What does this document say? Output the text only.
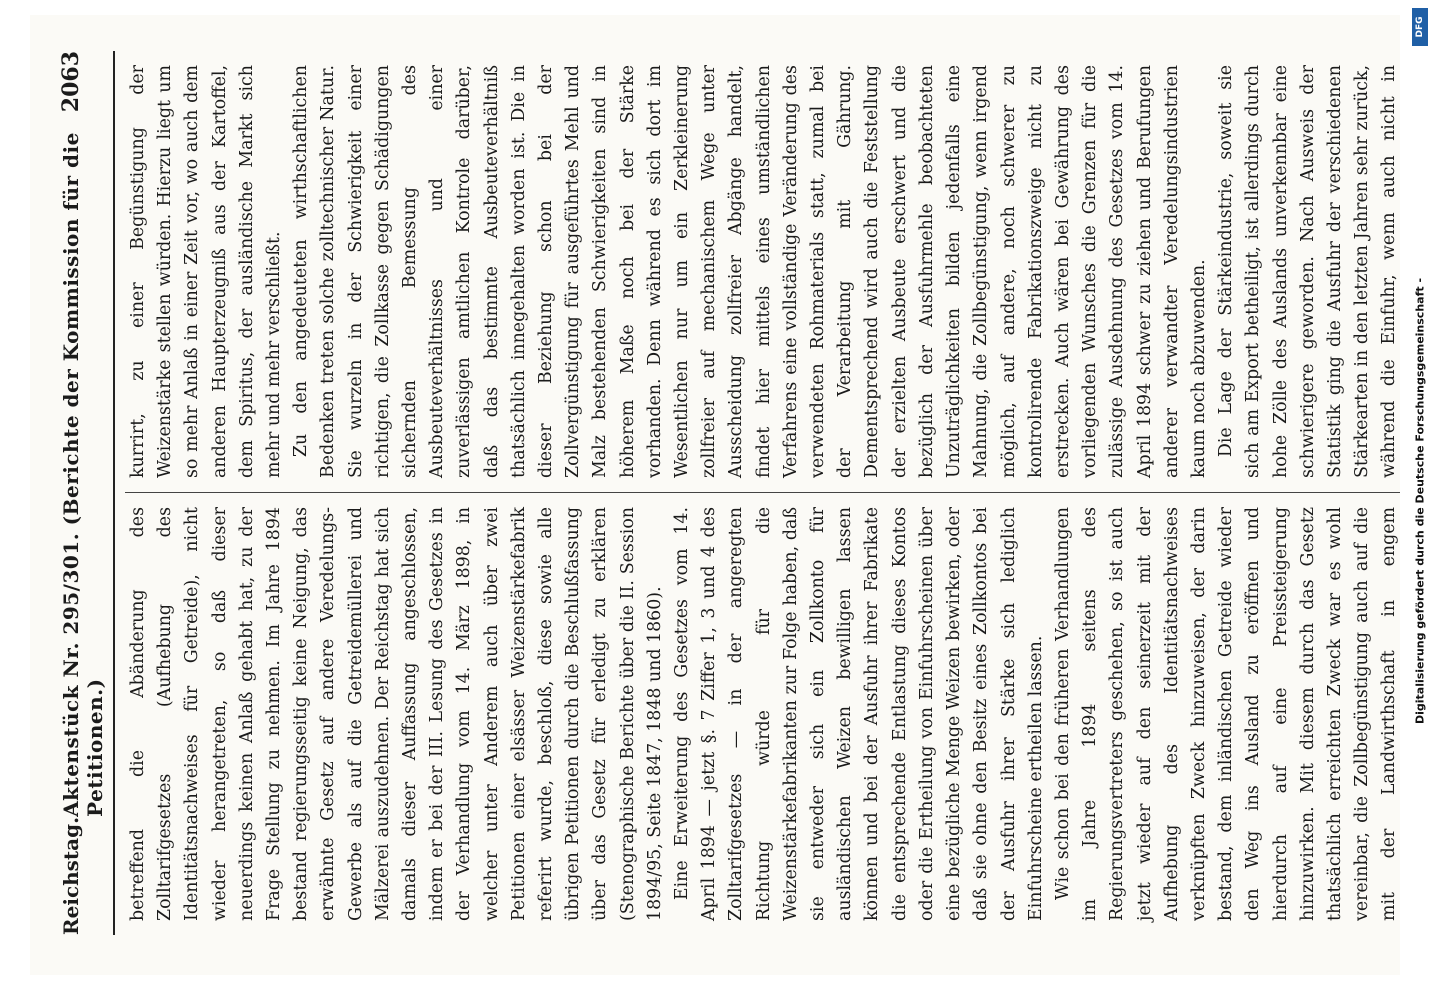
Reichstag.
Aktenstück Nr. 295/301. (Berichte der Kommission für die Petitionen.)
2063

betreffend die Abänderung des Zolltarifgesetzes (Aufhebung des Identitätsnachweises für Getreide), nicht wieder herangetreten, so daß dieser neuerdings keinen Anlaß gehabt hat, zu der Frage Stellung zu nehmen. Im Jahre 1894 bestand regierungsseitig keine Neigung, das erwähnte Gesetz auf andere Veredelungs-Gewerbe als auf die Getreidemüllerei und Mälzerei auszudehnen. Der Reichstag hat sich damals dieser Auffassung angeschlossen, indem er bei der III. Lesung des Gesetzes in der Verhandlung vom 14. März 1898, in welcher unter Anderem auch über zwei Petitionen einer elsässer Weizenstärkefabrik referirt wurde, beschloß, diese sowie alle übrigen Petitionen durch die Beschlußfassung über das Gesetz für erledigt zu erklären (Stenographische Berichte über die II. Session 1894/95, Seite 1847, 1848 und 1860). Eine Erweiterung des Gesetzes vom 14. April 1894 — jetzt §. 7 Ziffer 1, 3 und 4 des Zolltarifgesetzes — in der angeregten Richtung würde für die Weizenstärkefabrikanten zur Folge haben, daß sie entweder sich ein Zollkonto für ausländischen Weizen bewilligen lassen können und bei der Ausfuhr ihrer Fabrikate die entsprechende Entlastung dieses Kontos oder die Ertheilung von Einfuhrscheinen über eine bezügliche Menge Weizen bewirken, oder daß sie ohne den Besitz eines Zollkontos bei der Ausfuhr ihrer Stärke sich lediglich Einfuhrscheine ertheilen lassen. Wie schon bei den früheren Verhandlungen im Jahre 1894 seitens des Regierungsvertreters geschehen, so ist auch jetzt wieder auf den seinerzeit mit der Aufhebung des Identitätsnachweises verknüpften Zweck hinzuweisen, der darin bestand, dem inländischen Getreide wieder den Weg ins Ausland zu eröffnen und hierdurch auf eine Preissteigerung hinzuwirken. Mit diesem durch das Gesetz thatsächlich erreichten Zweck war es wohl vereinbar, die Zollbegünstigung auch auf die mit der Landwirthschaft in engem

kurrirt, zu einer Begünstigung der Weizenstärke stellen würden. Hierzu liegt um so mehr Anlaß in einer Zeit vor, wo auch dem anderen Haupterzeugniß aus der Kartoffel, dem Spiritus, der ausländische Markt sich mehr und mehr verschließt. Zu den angedeuteten wirthschaftlichen Bedenken treten solche zolltechnischer Natur. Sie wurzeln in der Schwierigkeit einer richtigen, die Zollkasse gegen Schädigungen sichernden Bemessung des Ausbeuteverhältnisses und einer zuverlässigen amtlichen Kontrole darüber, daß das bestimmte Ausbeuteverhältniß thatsächlich innegehalten worden ist. Die in dieser Beziehung schon bei der Zollvergünstigung für ausgeführtes Mehl und Malz bestehenden Schwierigkeiten sind in höherem Maße noch bei der Stärke vorhanden. Denn während es sich dort im Wesentlichen nur um ein Zerkleinerung zollfreier auf mechanischem Wege unter Ausscheidung zollfreier Abgänge handelt, findet hier mittels eines umständlichen Verfahrens eine vollständige Veränderung des verwendeten Rohmaterials statt, zumal bei der Verarbeitung mit Gährung. Dementsprechend wird auch die Feststellung der erzielten Ausbeute erschwert und die bezüglich der Ausfuhrmehle beobachteten Unzuträglichkeiten bilden jedenfalls eine Mahnung, die Zollbegünstigung, wenn irgend möglich, auf andere, noch schwerer zu kontrolirende Fabrikationszweige nicht zu erstrecken. Auch wären bei Gewährung des vorliegenden Wunsches die Grenzen für die zulässige Ausdehnung des Gesetzes vom 14. April 1894 schwer zu ziehen und Berufungen anderer verwandter Veredelungsindustrien kaum noch abzuwenden. Die Lage der Stärkeindustrie, soweit sie sich am Export betheiligt, ist allerdings durch hohe Zölle des Auslands unverkennbar eine schwierigere geworden. Nach Ausweis der Statistik ging die Ausfuhr der verschiedenen Stärkearten in den letzten Jahren sehr zurück, während die Einfuhr, wenn auch nicht in

DFG
Digitalisierung gefördert durch die Deutsche Forschungsgemeinschaft -
